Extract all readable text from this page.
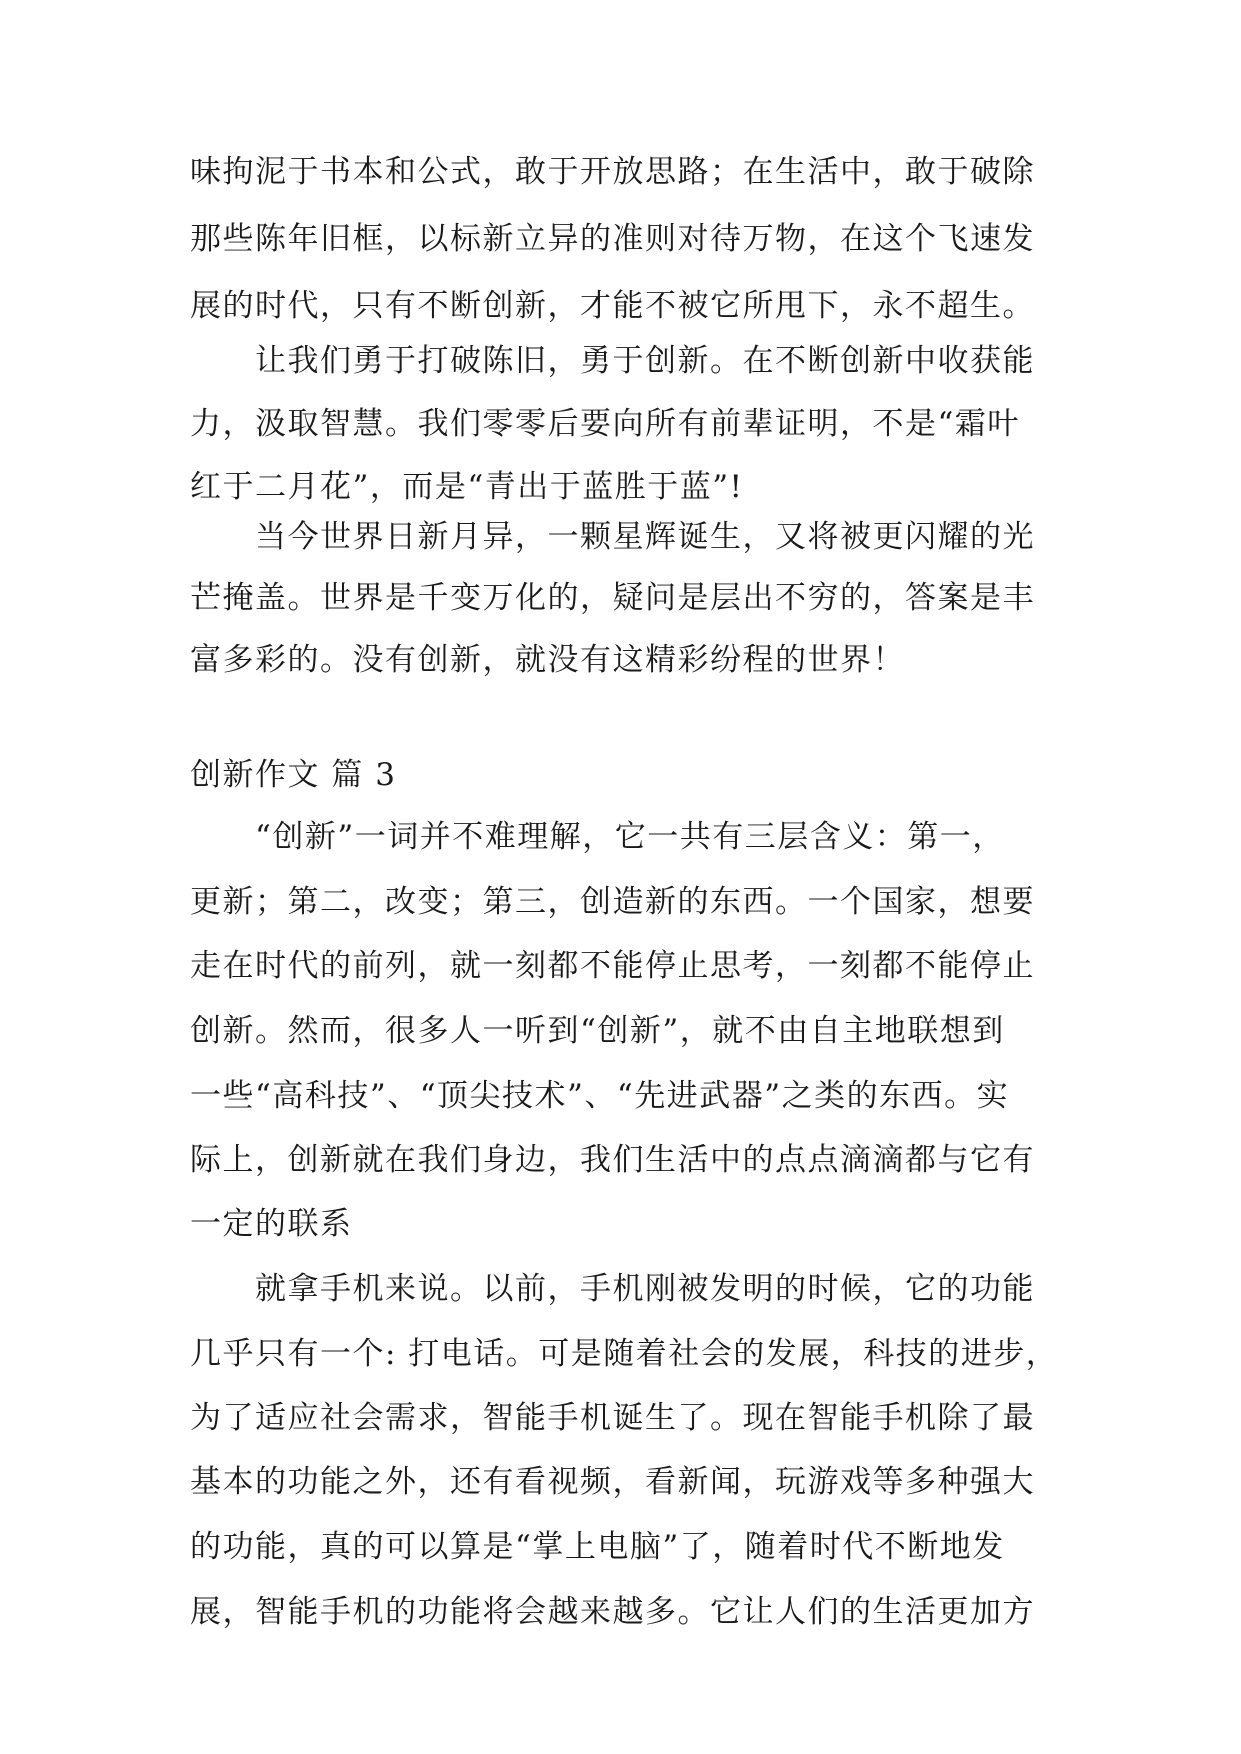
味拘泥于书本和公式，敢于开放思路；在生活中，敢于破除
那些陈年旧框，以标新立异的准则对待万物，在这个飞速发
展的时代，只有不断创新，才能不被它所甩下，永不超生。
　　让我们勇于打破陈旧，勇于创新。在不断创新中收获能
力，汲取智慧。我们零零后要向所有前辈证明，不是“霜叶
红于二月花”，而是“青出于蓝胜于蓝”!
　　当今世界日新月异，一颗星辉诞生，又将被更闪耀的光
芒掩盖。世界是千变万化的，疑问是层出不穷的，答案是丰
富多彩的。没有创新，就没有这精彩纷程的世界！
创新作文 篇 3
　　“创新”一词并不难理解，它一共有三层含义：第一，
更新；第二，改变；第三，创造新的东西。一个国家，想要
走在时代的前列，就一刻都不能停止思考，一刻都不能停止
创新。然而，很多人一听到“创新”，就不由自主地联想到
一些“高科技”、“顶尖技术”、“先进武器”之类的东西。实
际上，创新就在我们身边，我们生活中的点点滴滴都与它有
一定的联系
　　就拿手机来说。以前，手机刚被发明的时候，它的功能
几乎只有一个: 打电话。可是随着社会的发展，科技的进步，
为了适应社会需求，智能手机诞生了。现在智能手机除了最
基本的功能之外，还有看视频，看新闻，玩游戏等多种强大
的功能，真的可以算是“掌上电脑”了，随着时代不断地发
展，智能手机的功能将会越来越多。它让人们的生活更加方
